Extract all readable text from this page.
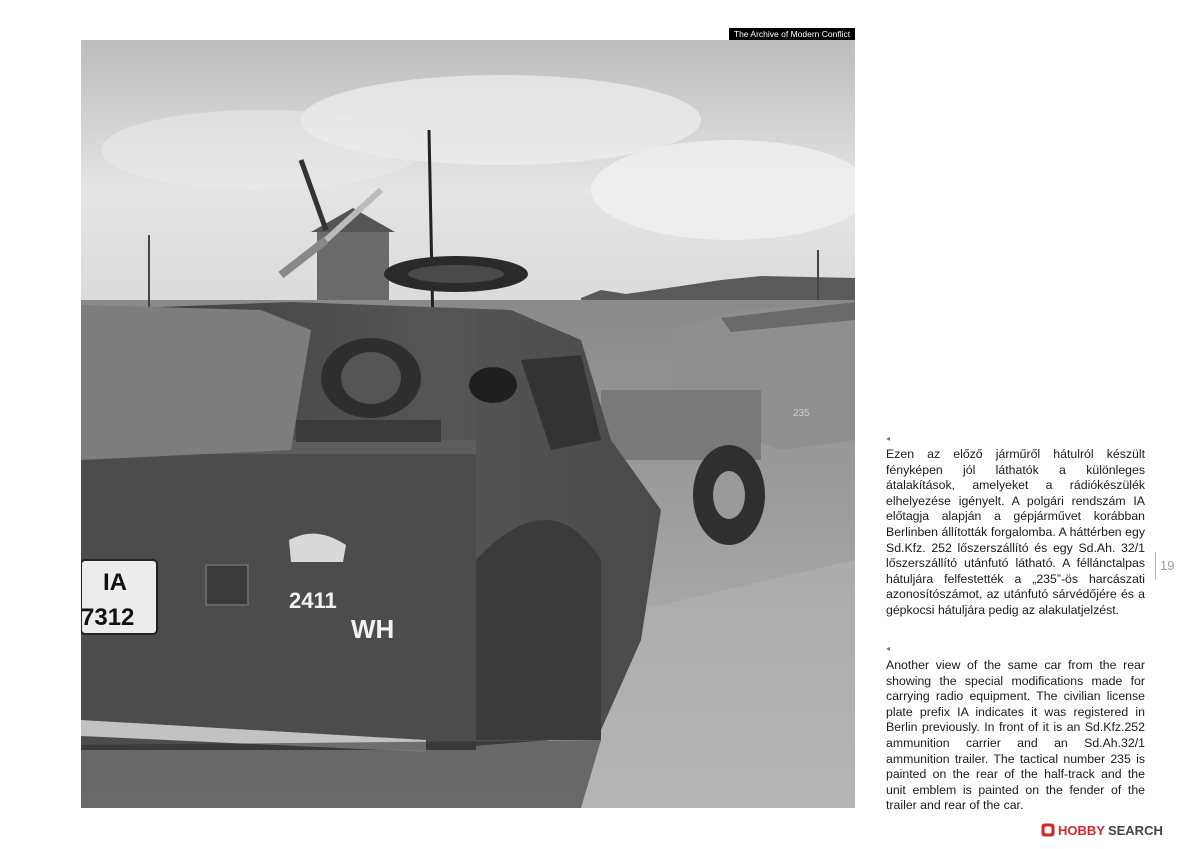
The Archive of Modern Conflict
235
IA
7312
2411
WH
◂

Ezen az előző járműről hátulról készült fényképen jól láthatók a különleges átalakítások, amelyeket a rádiókészülék elhelyezése igényelt. A polgári rendszám IA előtagja alapján a gépjárművet korábban Berlinben állították forgalomba. A háttérben egy Sd.Kfz. 252 lőszerszállító és egy Sd.Ah. 32/1 lőszerszállító utánfutó látható. A féllánctalpas hátuljára felfestették a „235”-ös harcászati azonosítószámot, az utánfutó sárvédőjére és a gépkocsi hátuljára pedig az alakulatjelzést.

◂

Another view of the same car from the rear showing the special modifications made for carrying radio equipment. The civilian license plate prefix IA indicates it was registered in Berlin previously. In front of it is an Sd.Kfz.252 ammunition carrier and an Sd.Ah.32/1 ammunition trailer. The tactical number 235 is painted on the rear of the half-track and the unit emblem is painted on the fender of the trailer and rear of the car.

19
HOBBY SEARCH
